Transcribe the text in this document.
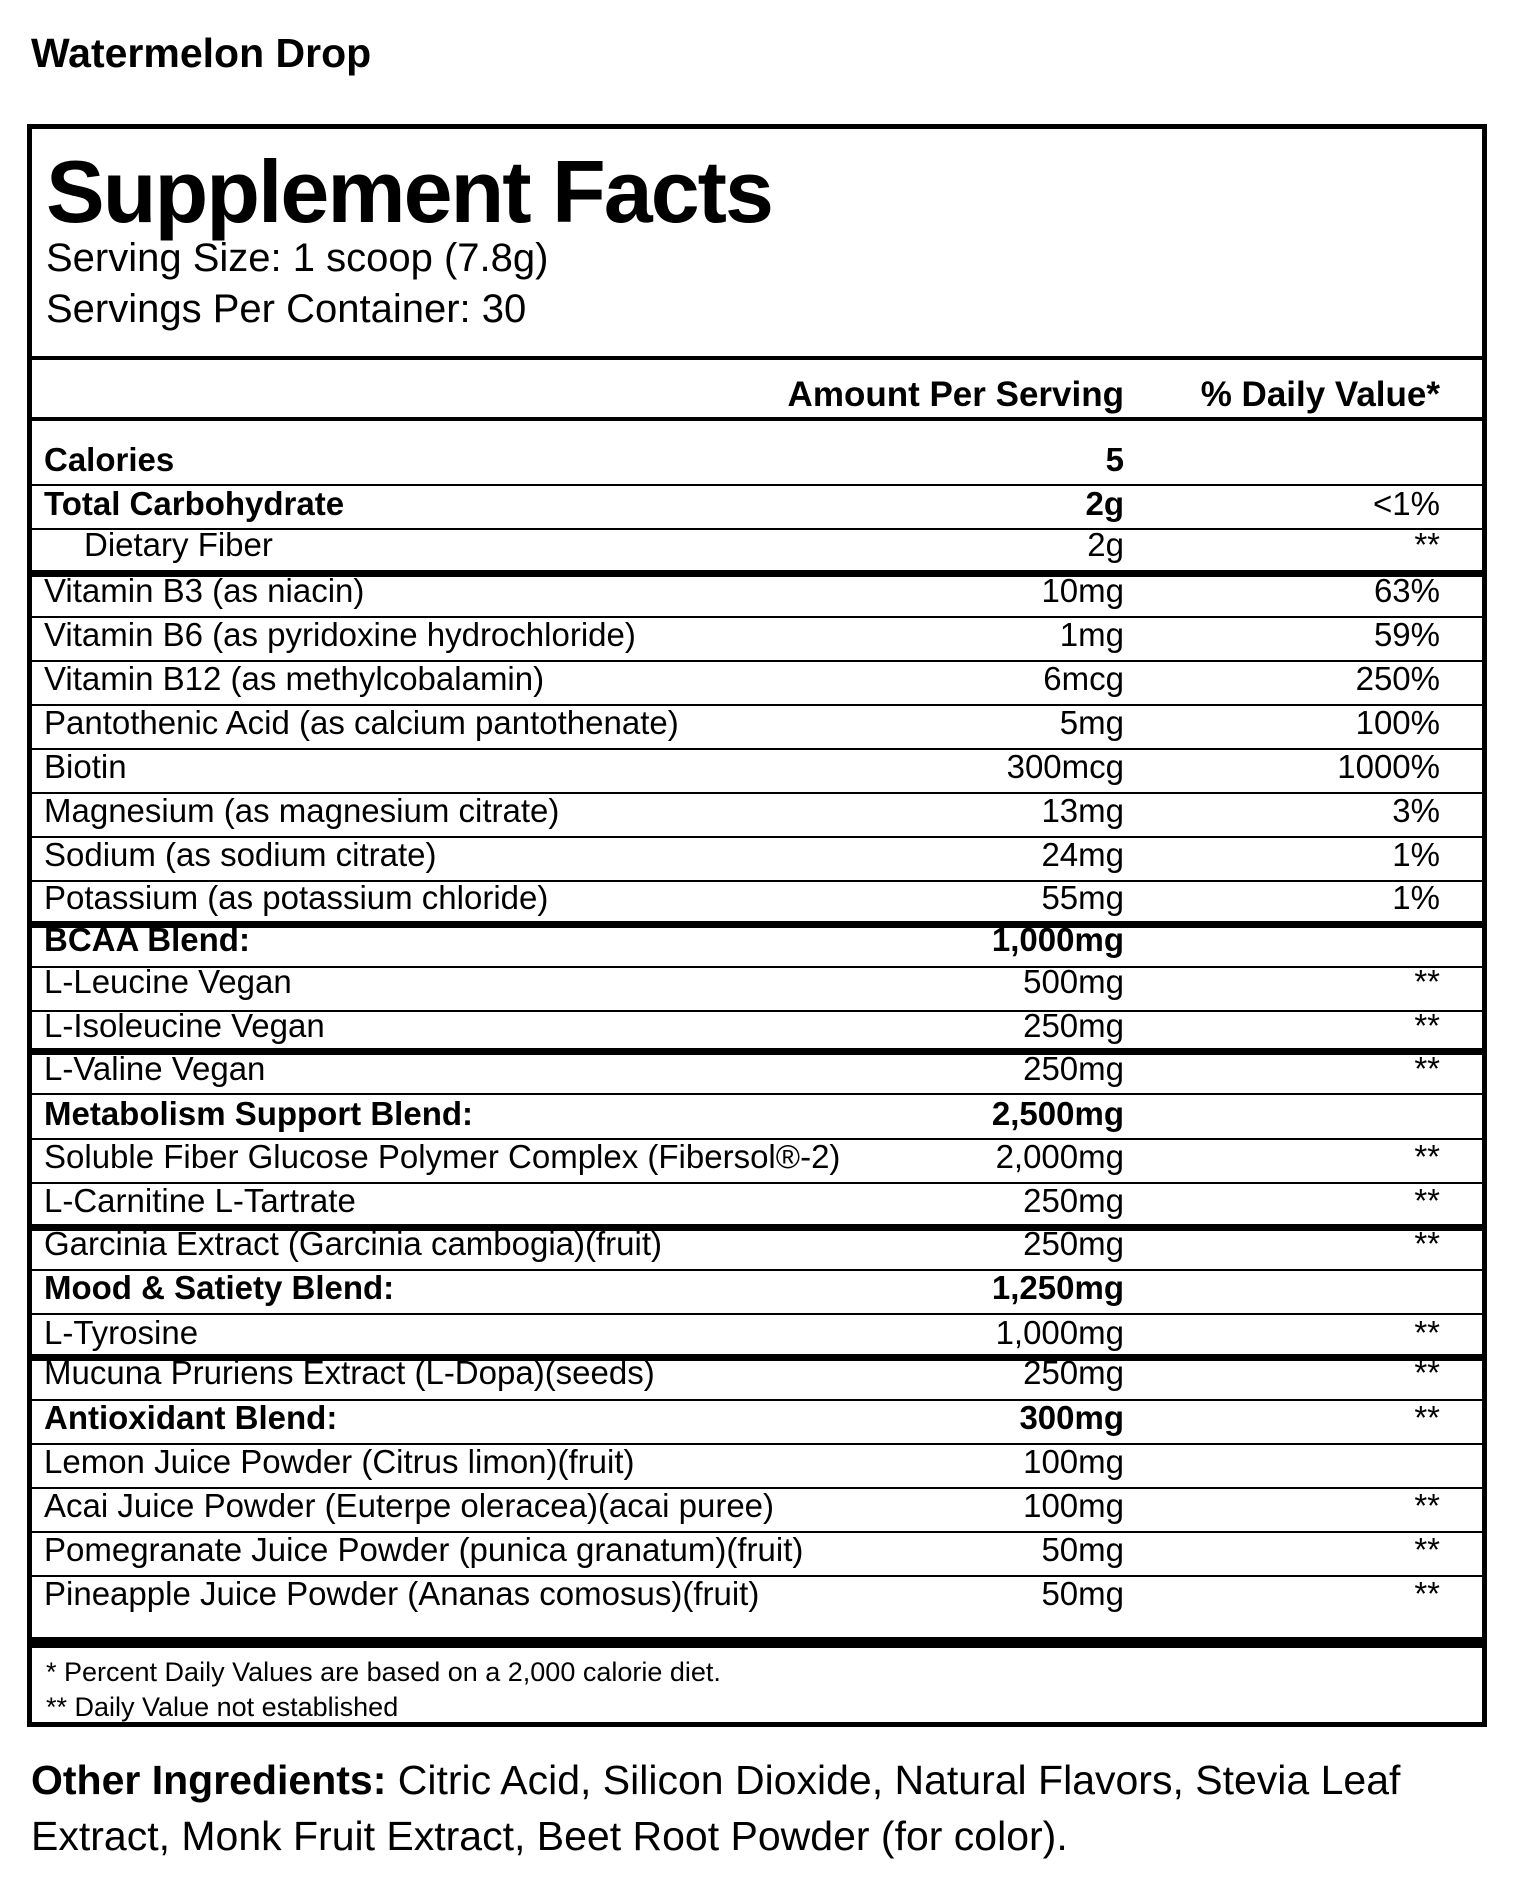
Watermelon Drop
Supplement Facts
Serving Size: 1 scoop (7.8g)
Servings Per Container: 30
Amount Per Serving % Daily Value*
Calories	5
Total Carbohydrate	2g	<1%
Dietary Fiber	2g	**
Vitamin B3 (as niacin)	10mg	63%
Vitamin B6 (as pyridoxine hydrochloride)	1mg	59%
Vitamin B12 (as methylcobalamin)	6mcg	250%
Pantothenic Acid (as calcium pantothenate)	5mg	100%
Biotin	300mcg	1000%
Magnesium (as magnesium citrate)	13mg	3%
Sodium (as sodium citrate)	24mg	1%
Potassium (as potassium chloride)	55mg	1%
BCAA Blend:	1,000mg
L-Leucine Vegan	500mg	**
L-Isoleucine Vegan	250mg	**
L-Valine Vegan	250mg	**
Metabolism Support Blend:	2,500mg
Soluble Fiber Glucose Polymer Complex (Fibersol®-2)	2,000mg	**
L-Carnitine L-Tartrate	250mg	**
Garcinia Extract (Garcinia cambogia)(fruit)	250mg	**
Mood & Satiety Blend:	1,250mg
L-Tyrosine	1,000mg	**
Mucuna Pruriens Extract (L-Dopa)(seeds)	250mg	**
Antioxidant Blend:	300mg	**
Lemon Juice Powder (Citrus limon)(fruit)	100mg
Acai Juice Powder (Euterpe oleracea)(acai puree)	100mg	**
Pomegranate Juice Powder (punica granatum)(fruit)	50mg	**
Pineapple Juice Powder (Ananas comosus)(fruit)	50mg	**
* Percent Daily Values are based on a 2,000 calorie diet.
** Daily Value not established
Other Ingredients: Citric Acid, Silicon Dioxide, Natural Flavors, Stevia Leaf Extract, Monk Fruit Extract, Beet Root Powder (for color).
